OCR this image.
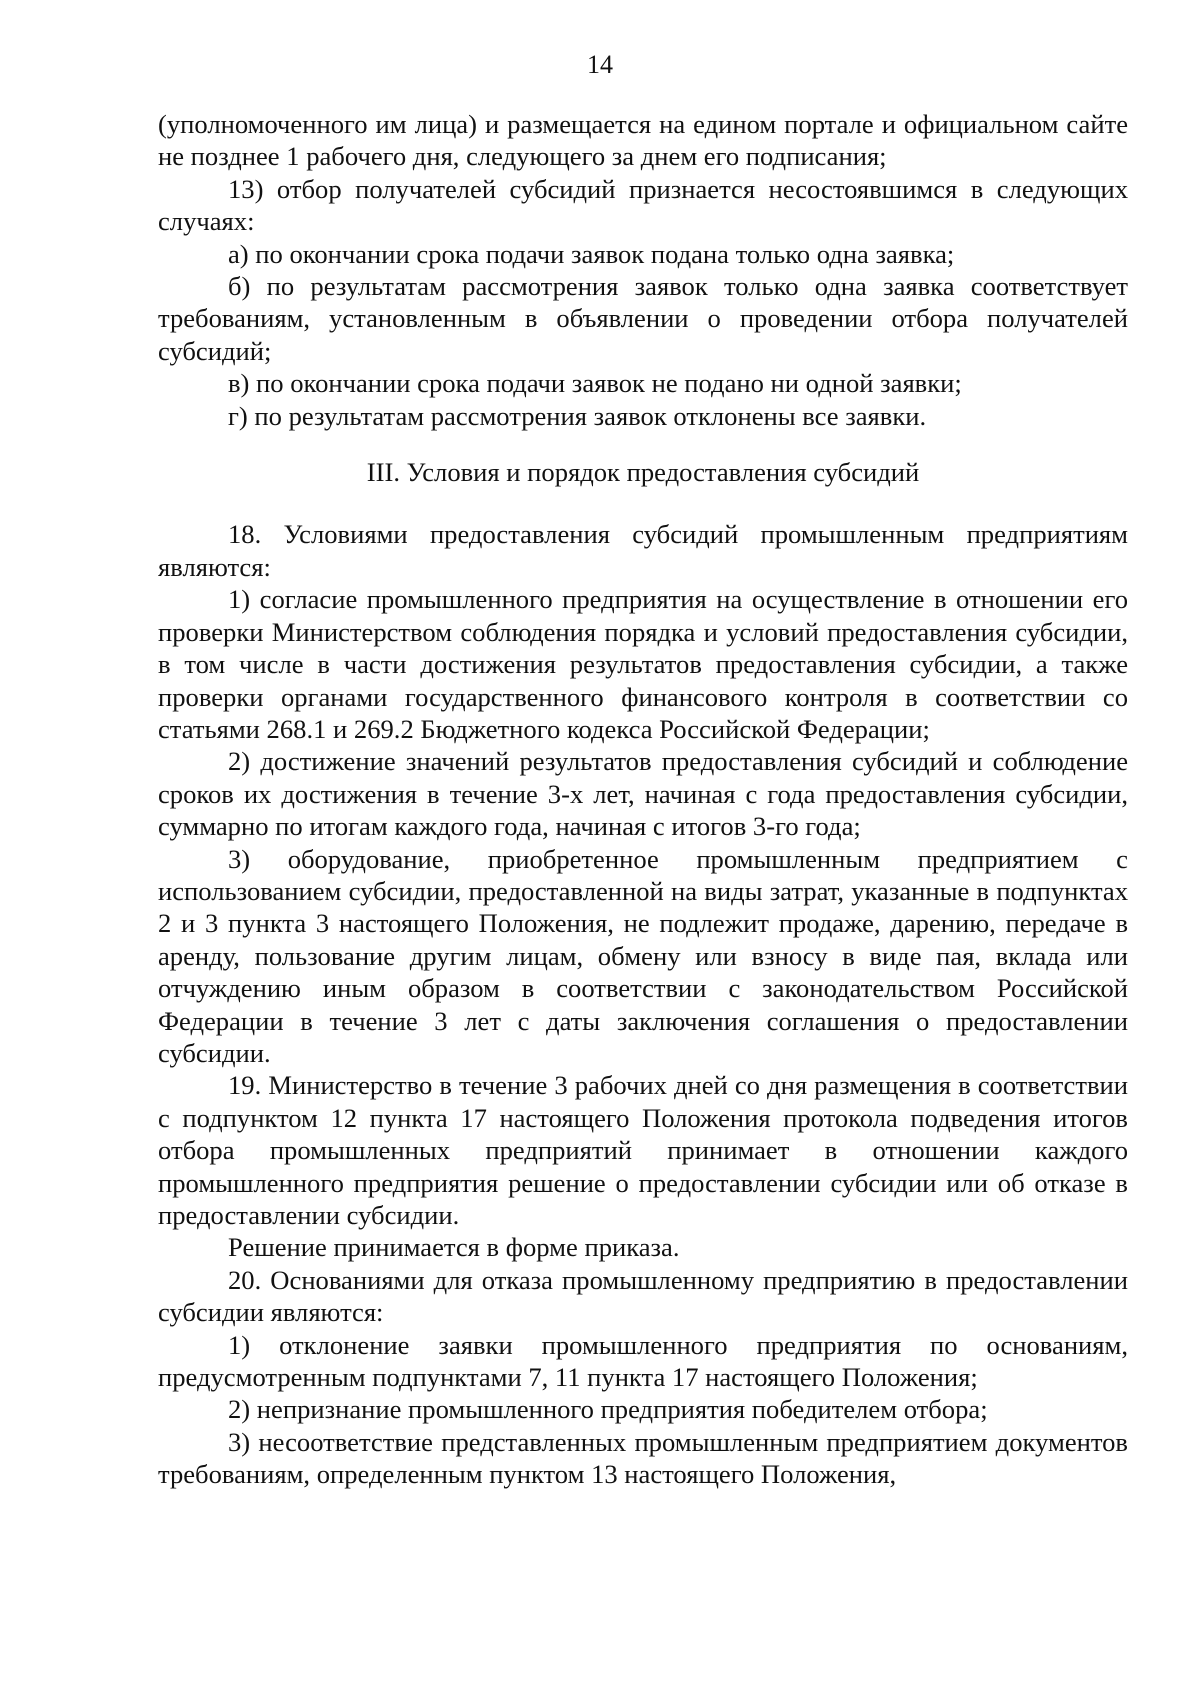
14

(уполномоченного им лица) и размещается на едином портале и официальном сайте не позднее 1 рабочего дня, следующего за днем его подписания;

13) отбор получателей субсидий признается несостоявшимся в следующих случаях:

а) по окончании срока подачи заявок подана только одна заявка;

б) по результатам рассмотрения заявок только одна заявка соответствует требованиям, установленным в объявлении о проведении отбора получателей субсидий;

в) по окончании срока подачи заявок не подано ни одной заявки;

г) по результатам рассмотрения заявок отклонены все заявки.

III. Условия и порядок предоставления субсидий

18. Условиями предоставления субсидий промышленным предприятиям являются:

1) согласие промышленного предприятия на осуществление в отношении его проверки Министерством соблюдения порядка и условий предоставления субсидии, в том числе в части достижения результатов предоставления субсидии, а также проверки органами государственного финансового контроля в соответствии со статьями 268.1 и 269.2 Бюджетного кодекса Российской Федерации;

2) достижение значений результатов предоставления субсидий и соблюдение сроков их достижения в течение 3-х лет, начиная с года предоставления субсидии, суммарно по итогам каждого года, начиная с итогов 3-го года;

3) оборудование, приобретенное промышленным предприятием с использованием субсидии, предоставленной на виды затрат, указанные в подпунктах 2 и 3 пункта 3 настоящего Положения, не подлежит продаже, дарению, передаче в аренду, пользование другим лицам, обмену или взносу в виде пая, вклада или отчуждению иным образом в соответствии с законодательством Российской Федерации в течение 3 лет с даты заключения соглашения о предоставлении субсидии.

19. Министерство в течение 3 рабочих дней со дня размещения в соответствии с подпунктом 12 пункта 17 настоящего Положения протокола подведения итогов отбора промышленных предприятий принимает в отношении каждого промышленного предприятия решение о предоставлении субсидии или об отказе в предоставлении субсидии.

Решение принимается в форме приказа.

20. Основаниями для отказа промышленному предприятию в предоставлении субсидии являются:

1) отклонение заявки промышленного предприятия по основаниям, предусмотренным подпунктами 7, 11 пункта 17 настоящего Положения;

2) непризнание промышленного предприятия победителем отбора;

3) несоответствие представленных промышленным предприятием документов требованиям, определенным пунктом 13 настоящего Положения,
